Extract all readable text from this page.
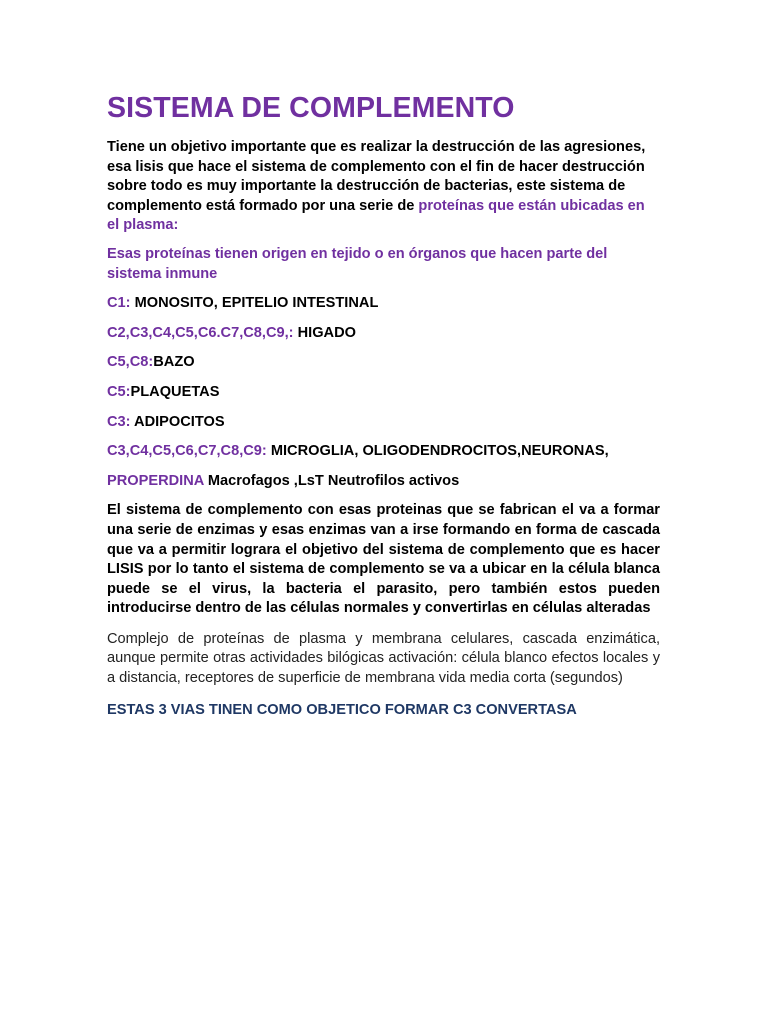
SISTEMA DE COMPLEMENTO

Tiene un objetivo importante que es realizar la destrucción de las agresiones, esa lisis que hace el sistema de complemento con el fin de hacer destrucción sobre todo es muy importante la destrucción de bacterias, este sistema de complemento está formado por una serie de proteínas que están ubicadas en el plasma:

Esas proteínas tienen origen en tejido o en órganos que hacen parte del sistema inmune

C1: MONOSITO, EPITELIO INTESTINAL

C2,C3,C4,C5,C6.C7,C8,C9,: HIGADO

C5,C8:BAZO

C5:PLAQUETAS

C3: ADIPOCITOS

C3,C4,C5,C6,C7,C8,C9: MICROGLIA, OLIGODENDROCITOS,NEURONAS,

PROPERDINA Macrofagos ,LsT Neutrofilos activos

El sistema de complemento con esas proteinas que se fabrican el va a formar una serie de enzimas y esas enzimas van a irse formando en forma de cascada que va a permitir lograra el objetivo del sistema de complemento que es hacer LISIS por lo tanto el sistema de complemento se va a ubicar en la célula blanca puede se el virus, la bacteria el parasito, pero también estos pueden introducirse dentro de las células normales y convertirlas en células alteradas

Complejo de proteínas de plasma y membrana celulares, cascada enzimática, aunque permite otras actividades bilógicas activación: célula blanco efectos locales y a distancia, receptores de superficie de membrana vida media corta (segundos)

ESTAS 3 VIAS TINEN COMO OBJETICO FORMAR C3 CONVERTASA
